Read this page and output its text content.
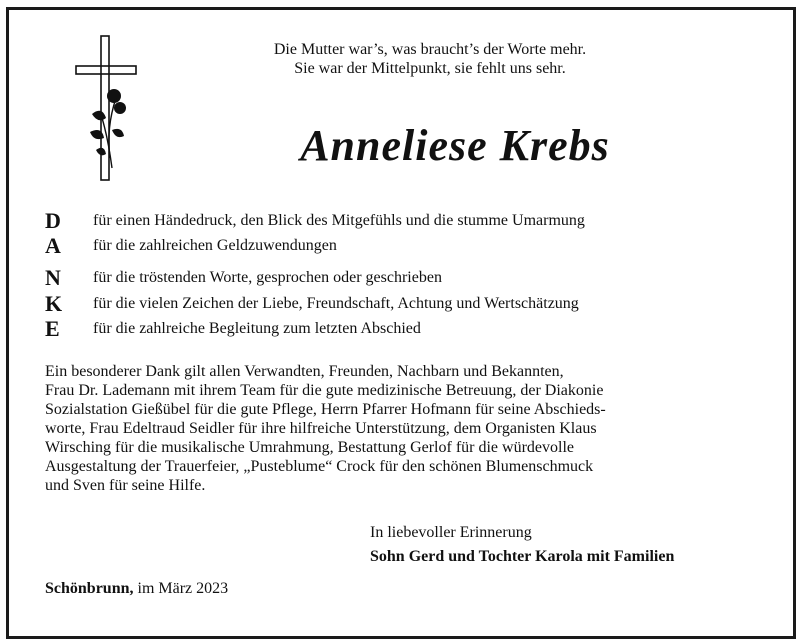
Die Mutter war’s, was braucht’s der Worte mehr.
Sie war der Mittelpunkt, sie fehlt uns sehr.
Anneliese Krebs
D	für einen Händedruck, den Blick des Mitgefühls und die stumme Umarmung
A	für die zahlreichen Geldzuwendungen
N	für die tröstenden Worte, gesprochen oder geschrieben
K	für die vielen Zeichen der Liebe, Freundschaft, Achtung und Wertschätzung
E	für die zahlreiche Begleitung zum letzten Abschied
Ein besonderer Dank gilt allen Verwandten, Freunden, Nachbarn und Bekannten,
Frau Dr. Lademann mit ihrem Team für die gute medizinische Betreuung, der Diakonie
Sozialstation Gießübel für die gute Pflege, Herrn Pfarrer Hofmann für seine Abschieds-
worte, Frau Edeltraud Seidler für ihre hilfreiche Unterstützung, dem Organisten Klaus
Wirsching für die musikalische Umrahmung, Bestattung Gerlof für die würdevolle
Ausgestaltung der Trauerfeier, „Pusteblume“ Crock für den schönen Blumenschmuck
und Sven für seine Hilfe.
In liebevoller Erinnerung
Sohn Gerd und Tochter Karola mit Familien
Schönbrunn, im März 2023
